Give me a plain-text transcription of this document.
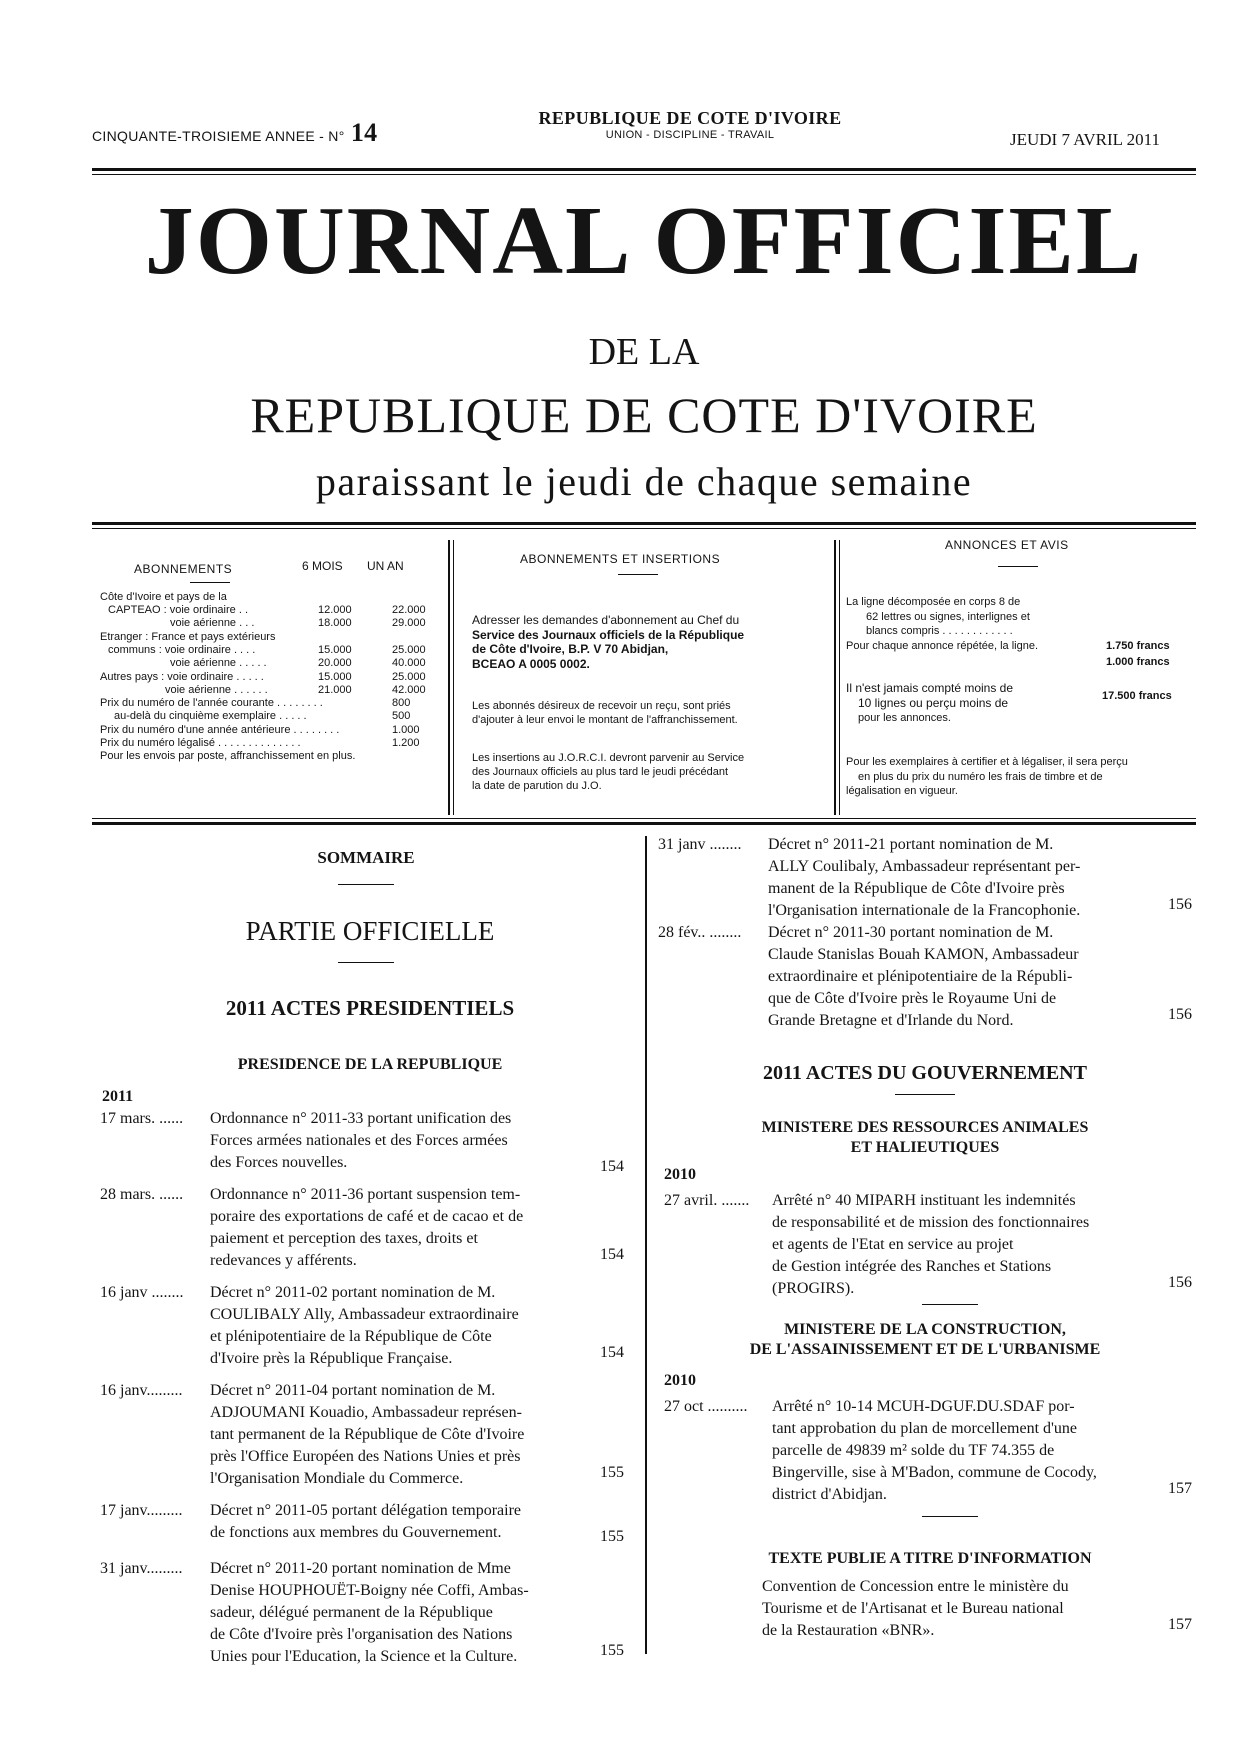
CINQUANTE-TROISIEME ANNEE - N° 14	REPUBLIQUE DE COTE D'IVOIRE
UNION - DISCIPLINE - TRAVAIL	JEUDI 7 AVRIL 2011
JOURNAL OFFICIEL
DE LA
REPUBLIQUE DE COTE D'IVOIRE
paraissant le jeudi de chaque semaine
ABONNEMENTS	6 MOIS UN AN
Côte d'Ivoire et pays de la
CAPTEAO : voie ordinaire . .	12.000	22.000
voie aérienne . . .	18.000	29.000
Etranger : France et pays extérieurs
communs : voie ordinaire . . . .	15.000	25.000
voie aérienne . . . . .	20.000	40.000
Autres pays : voie ordinaire . . . . .	15.000	25.000
voie aérienne . . . . . .	21.000	42.000
Prix du numéro de l'année courante . . . . . . . .	800
au-delà du cinquième exemplaire . . . . .	500
Prix du numéro d'une année antérieure . . . . . . . .	1.000
Prix du numéro légalisé . . . . . . . . . . . . . .	1.200
Pour les envois par poste, affranchissement en plus.
ABONNEMENTS ET INSERTIONS
Adresser les demandes d'abonnement au Chef du
Service des Journaux officiels de la République
de Côte d'Ivoire, B.P. V 70 Abidjan,
BCEAO A 0005 0002.
Les abonnés désireux de recevoir un reçu, sont priés
d'ajouter à leur envoi le montant de l'affranchissement.
Les insertions au J.O.R.C.I. devront parvenir au Service
des Journaux officiels au plus tard le jeudi précédant
la date de parution du J.O.
ANNONCES ET AVIS
La ligne décomposée en corps 8 de
62 lettres ou signes, interlignes et
blancs compris . . . . . . . . . . . .
Pour chaque annonce répétée, la ligne.	1.750 francs
1.000 francs
Il n'est jamais compté moins de
10 lignes ou perçu moins de
pour les annonces.
17.500 francs
Pour les exemplaires à certifier et à légaliser, il sera perçu
en plus du prix du numéro les frais de timbre et de
légalisation en vigueur.
SOMMAIRE
PARTIE OFFICIELLE
2011 ACTES PRESIDENTIELS
PRESIDENCE DE LA REPUBLIQUE
2011
17 mars. ...... Ordonnance n° 2011-33 portant unification des
Forces armées nationales et des Forces armées
des Forces nouvelles.	154
28 mars. ...... Ordonnance n° 2011-36 portant suspension tem-
poraire des exportations de café et de cacao et de
paiement et perception des taxes, droits et
redevances y afférents.	154
16 janv ........ Décret n° 2011-02 portant nomination de M.
COULIBALY Ally, Ambassadeur extraordinaire
et plénipotentiaire de la République de Côte
d'Ivoire près la République Française.	154
16 janv......... Décret n° 2011-04 portant nomination de M.
ADJOUMANI Kouadio, Ambassadeur représen-
tant permanent de la République de Côte d'Ivoire
près l'Office Européen des Nations Unies et près
l'Organisation Mondiale du Commerce.	155
17 janv......... Décret n° 2011-05 portant délégation temporaire
de fonctions aux membres du Gouvernement.	155
31 janv......... Décret n° 2011-20 portant nomination de Mme
Denise HOUPHOUËT-Boigny née Coffi, Ambas-
sadeur, délégué permanent de la République
de Côte d'Ivoire près l'organisation des Nations
Unies pour l'Education, la Science et la Culture.	155
31 janv ........ Décret n° 2011-21 portant nomination de M.
ALLY Coulibaly, Ambassadeur représentant per-
manent de la République de Côte d'Ivoire près
l'Organisation internationale de la Francophonie.	156
28 fév.. ........ Décret n° 2011-30 portant nomination de M.
Claude Stanislas Bouah KAMON, Ambassadeur
extraordinaire et plénipotentiaire de la Républi-
que de Côte d'Ivoire près le Royaume Uni de
Grande Bretagne et d'Irlande du Nord.	156
2011 ACTES DU GOUVERNEMENT
MINISTERE DES RESSOURCES ANIMALES
ET HALIEUTIQUES
2010
27 avril. ....... Arrêté n° 40 MIPARH instituant les indemnités
de responsabilité et de mission des fonctionnaires
et agents de l'Etat en service au projet
de Gestion intégrée des Ranches et Stations
(PROGIRS).	156
MINISTERE DE LA CONSTRUCTION,
DE L'ASSAINISSEMENT ET DE L'URBANISME
2010
27 oct .......... Arrêté n° 10-14 MCUH-DGUF.DU.SDAF por-
tant approbation du plan de morcellement d'une
parcelle de 49839 m² solde du TF 74.355 de
Bingerville, sise à M'Badon, commune de Cocody,
district d'Abidjan.	157
TEXTE PUBLIE A TITRE D'INFORMATION
Convention de Concession entre le ministère du
Tourisme et de l'Artisanat et le Bureau national
de la Restauration «BNR».	157
